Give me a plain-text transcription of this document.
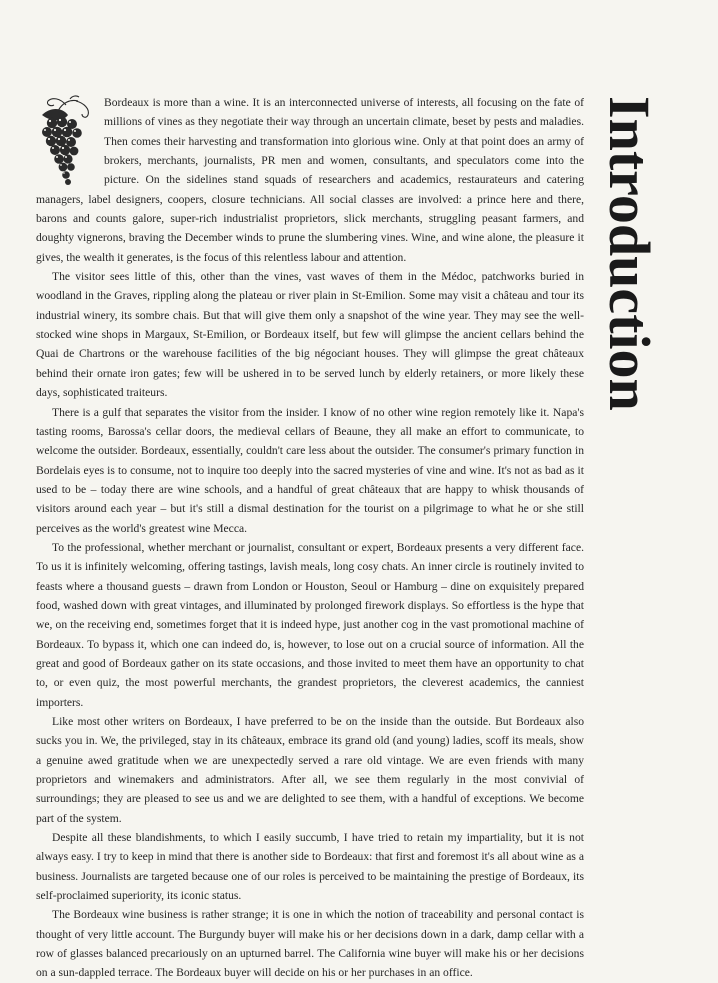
Introduction

Bordeaux is more than a wine. It is an interconnected universe of interests, all focusing on the fate of millions of vines as they negotiate their way through an uncertain climate, beset by pests and maladies. Then comes their harvesting and transformation into glorious wine. Only at that point does an army of brokers, merchants, journalists, PR men and women, consultants, and speculators come into the picture. On the sidelines stand squads of researchers and academics, restaurateurs and catering managers, label designers, coopers, closure technicians. All social classes are involved: a prince here and there, barons and counts galore, super-rich industrialist proprietors, slick merchants, struggling peasant farmers, and doughty vignerons, braving the December winds to prune the slumbering vines. Wine, and wine alone, the pleasure it gives, the wealth it generates, is the focus of this relentless labour and attention.

The visitor sees little of this, other than the vines, vast waves of them in the Médoc, patchworks buried in woodland in the Graves, rippling along the plateau or river plain in St-Emilion. Some may visit a château and tour its industrial winery, its sombre chais. But that will give them only a snapshot of the wine year. They may see the well-stocked wine shops in Margaux, St-Emilion, or Bordeaux itself, but few will glimpse the ancient cellars behind the Quai de Chartrons or the warehouse facilities of the big négociant houses. They will glimpse the great châteaux behind their ornate iron gates; few will be ushered in to be served lunch by elderly retainers, or more likely these days, sophisticated traiteurs.

There is a gulf that separates the visitor from the insider. I know of no other wine region remotely like it. Napa's tasting rooms, Barossa's cellar doors, the medieval cellars of Beaune, they all make an effort to communicate, to welcome the outsider. Bordeaux, essentially, couldn't care less about the outsider. The consumer's primary function in Bordelais eyes is to consume, not to inquire too deeply into the sacred mysteries of vine and wine. It's not as bad as it used to be – today there are wine schools, and a handful of great châteaux that are happy to whisk thousands of visitors around each year – but it's still a dismal destination for the tourist on a pilgrimage to what he or she still perceives as the world's greatest wine Mecca.

To the professional, whether merchant or journalist, consultant or expert, Bordeaux presents a very different face. To us it is infinitely welcoming, offering tastings, lavish meals, long cosy chats. An inner circle is routinely invited to feasts where a thousand guests – drawn from London or Houston, Seoul or Hamburg – dine on exquisitely prepared food, washed down with great vintages, and illuminated by prolonged firework displays. So effortless is the hype that we, on the receiving end, sometimes forget that it is indeed hype, just another cog in the vast promotional machine of Bordeaux. To bypass it, which one can indeed do, is, however, to lose out on a crucial source of information. All the great and good of Bordeaux gather on its state occasions, and those invited to meet them have an opportunity to chat to, or even quiz, the most powerful merchants, the grandest proprietors, the cleverest academics, the canniest importers.

Like most other writers on Bordeaux, I have preferred to be on the inside than the outside. But Bordeaux also sucks you in. We, the privileged, stay in its châteaux, embrace its grand old (and young) ladies, scoff its meals, show a genuine awed gratitude when we are unexpectedly served a rare old vintage. We are even friends with many proprietors and winemakers and administrators. After all, we see them regularly in the most convivial of surroundings; they are pleased to see us and we are delighted to see them, with a handful of exceptions. We become part of the system.

Despite all these blandishments, to which I easily succumb, I have tried to retain my impartiality, but it is not always easy. I try to keep in mind that there is another side to Bordeaux: that first and foremost it's all about wine as a business. Journalists are targeted because one of our roles is perceived to be maintaining the prestige of Bordeaux, its self-proclaimed superiority, its iconic status.

The Bordeaux wine business is rather strange; it is one in which the notion of traceability and personal contact is thought of very little account. The Burgundy buyer will make his or her decisions down in a dark, damp cellar with a row of glasses balanced precariously on an upturned barrel. The California wine buyer will make his or her decisions on a sun-dappled terrace. The Bordeaux buyer will decide on his or her purchases in an office.
